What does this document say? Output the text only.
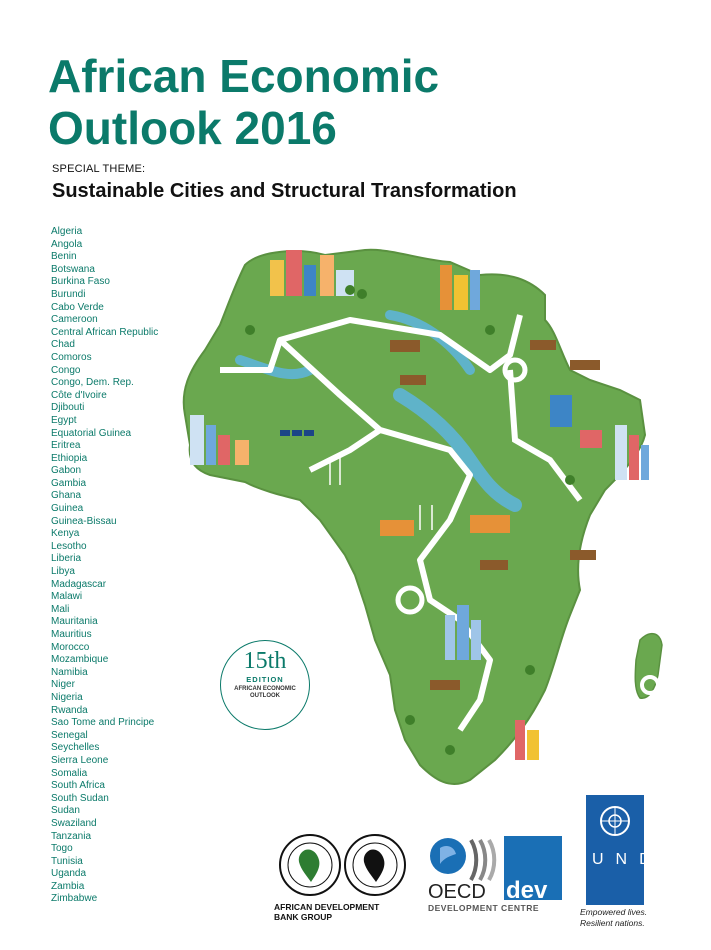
African Economic
Outlook 2016
SPECIAL THEME:
Sustainable Cities and Structural Transformation
Algeria
Angola
Benin
Botswana
Burkina Faso
Burundi
Cabo Verde
Cameroon
Central African Republic
Chad
Comoros
Congo
Congo, Dem. Rep.
Côte d'Ivoire
Djibouti
Egypt
Equatorial Guinea
Eritrea
Ethiopia
Gabon
Gambia
Ghana
Guinea
Guinea-Bissau
Kenya
Lesotho
Liberia
Libya
Madagascar
Malawi
Mali
Mauritania
Mauritius
Morocco
Mozambique
Namibia
Niger
Nigeria
Rwanda
Sao Tome and Principe
Senegal
Seychelles
Sierra Leone
Somalia
South Africa
South Sudan
Sudan
Swaziland
Tanzania
Togo
Tunisia
Uganda
Zambia
Zimbabwe
15th
EDITION
AFRICAN ECONOMIC OUTLOOK
AFRICAN DEVELOPMENT
BANK GROUP
OECD dev
DEVELOPMENT CENTRE
UNDP
Empowered lives.
Resilient nations.
